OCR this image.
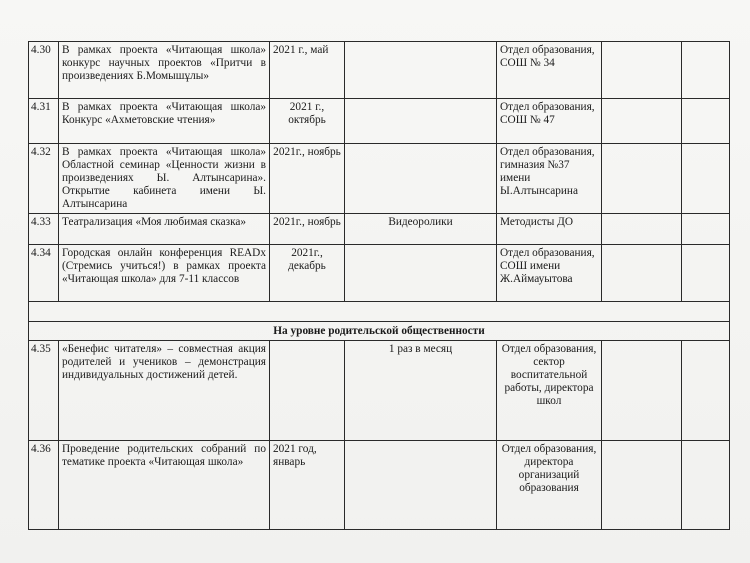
4.30	В рамках проекта «Читающая школа» конкурс научных проектов «Притчи в произведениях Б.Момышұлы»	2021 г., май		Отдел образования, СОШ № 34		
4.31	В рамках проекта «Читающая школа» Конкурс «Ахметовские чтения»	2021 г., октябрь		Отдел образования, СОШ № 47		
4.32	В рамках проекта «Читающая школа» Областной семинар «Ценности жизни в произведениях Ы. Алтынсарина». Открытие кабинета имени Ы. Алтынсарина	2021г., ноябрь		Отдел образования, гимназия №37 имени Ы.Алтынсарина		
4.33	Театрализация «Моя любимая сказка»	2021г., ноябрь	Видеоролики	Методисты ДО		
4.34	Городская онлайн конференция READx (Стремись учиться!) в рамках проекта «Читающая школа» для 7-11 классов	2021г., декабрь		Отдел образования, СОШ имени Ж.Аймауытова		

На уровне родительской общественности						
4.35	«Бенефис читателя» – совместная акция родителей и учеников – демонстрация индивидуальных достижений детей.		1 раз в месяц	Отдел образования, сектор воспитательной работы, директора школ		
4.36	Проведение родительских собраний по тематике проекта «Читающая школа»	2021 год, январь		Отдел образования, директора организаций образования		
